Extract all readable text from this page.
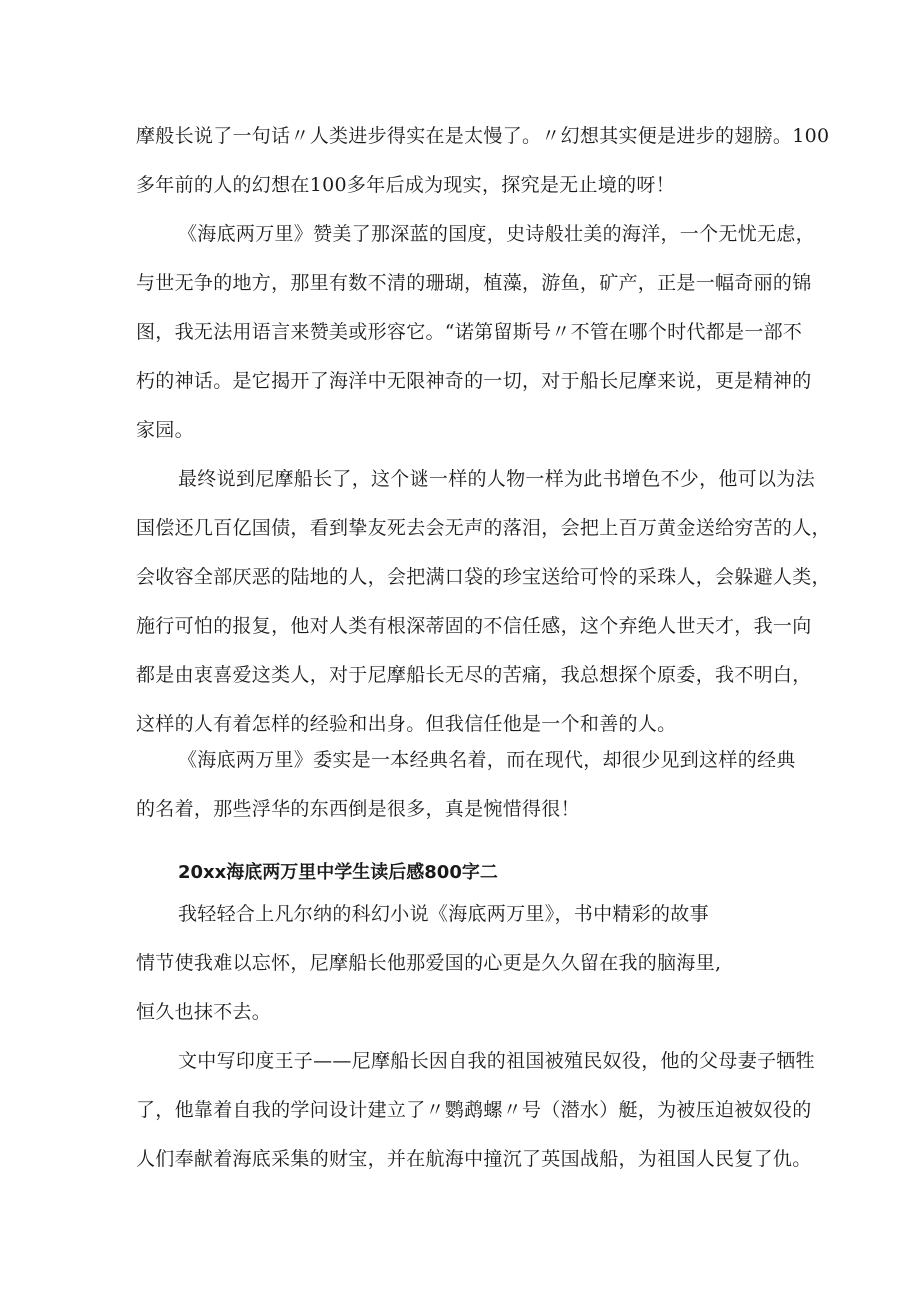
摩般长说了一句话〃人类进步得实在是太慢了。〃幻想其实便是进步的翅膀。100
多年前的人的幻想在100多年后成为现实，探究是无止境的呀！
《海底两万里》赞美了那深蓝的国度，史诗般壮美的海洋，一个无忧无虑，
与世无争的地方，那里有数不清的珊瑚，植藻，游鱼，矿产，正是一幅奇丽的锦
图，我无法用语言来赞美或形容它。“诺第留斯号〃不管在哪个时代都是一部不
朽的神话。是它揭开了海洋中无限神奇的一切，对于船长尼摩来说，更是精神的
家园。
最终说到尼摩船长了，这个谜一样的人物一样为此书增色不少，他可以为法
国偿还几百亿国债，看到挚友死去会无声的落泪，会把上百万黄金送给穷苦的人，
会收容全部厌恶的陆地的人，会把满口袋的珍宝送给可怜的采珠人，会躲避人类，
施行可怕的报复，他对人类有根深蒂固的不信任感，这个弃绝人世天才，我一向
都是由衷喜爱这类人，对于尼摩船长无尽的苦痛，我总想探个原委，我不明白，
这样的人有着怎样的经验和出身。但我信任他是一个和善的人。
《海底两万里》委实是一本经典名着，而在现代，却很少见到这样的经典
的名着，那些浮华的东西倒是很多，真是惋惜得很！
20xx海底两万里中学生读后感800字二
我轻轻合上凡尔纳的科幻小说《海底两万里》，书中精彩的故事
情节使我难以忘怀，尼摩船长他那爱国的心更是久久留在我的脑海里,
恒久也抹不去。
文中写印度王子——尼摩船长因自我的祖国被殖民奴役，他的父母妻子牺牲
了，他靠着自我的学问设计建立了〃鹦鹉螺〃号（潜水）艇，为被压迫被奴役的
人们奉献着海底采集的财宝，并在航海中撞沉了英国战船，为祖国人民复了仇。
